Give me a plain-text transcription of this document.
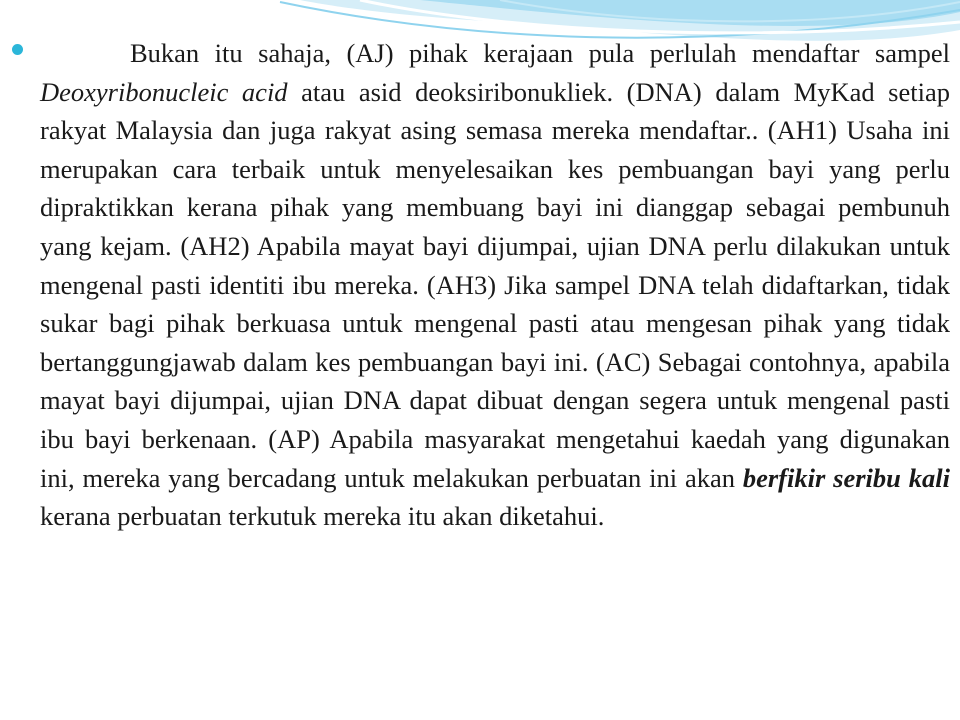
Bukan itu sahaja, (AJ) pihak kerajaan pula perlulah mendaftar sampel Deoxyribonucleic acid atau asid deoksiribonukliek. (DNA) dalam MyKad setiap rakyat Malaysia dan juga rakyat asing semasa mereka mendaftar.. (AH1) Usaha ini merupakan cara terbaik untuk menyelesaikan kes pembuangan bayi yang perlu dipraktikkan kerana pihak yang membuang bayi ini dianggap sebagai pembunuh yang kejam. (AH2) Apabila mayat bayi dijumpai, ujian DNA perlu dilakukan untuk mengenal pasti identiti ibu mereka. (AH3) Jika sampel DNA telah didaftarkan, tidak sukar bagi pihak berkuasa untuk mengenal pasti atau mengesan pihak yang tidak bertanggungjawab dalam kes pembuangan bayi ini. (AC) Sebagai contohnya, apabila mayat bayi dijumpai, ujian DNA dapat dibuat dengan segera untuk mengenal pasti ibu bayi berkenaan. (AP) Apabila masyarakat mengetahui kaedah yang digunakan ini, mereka yang bercadang untuk melakukan perbuatan ini akan berfikir seribu kali kerana perbuatan terkutuk mereka itu akan diketahui.
